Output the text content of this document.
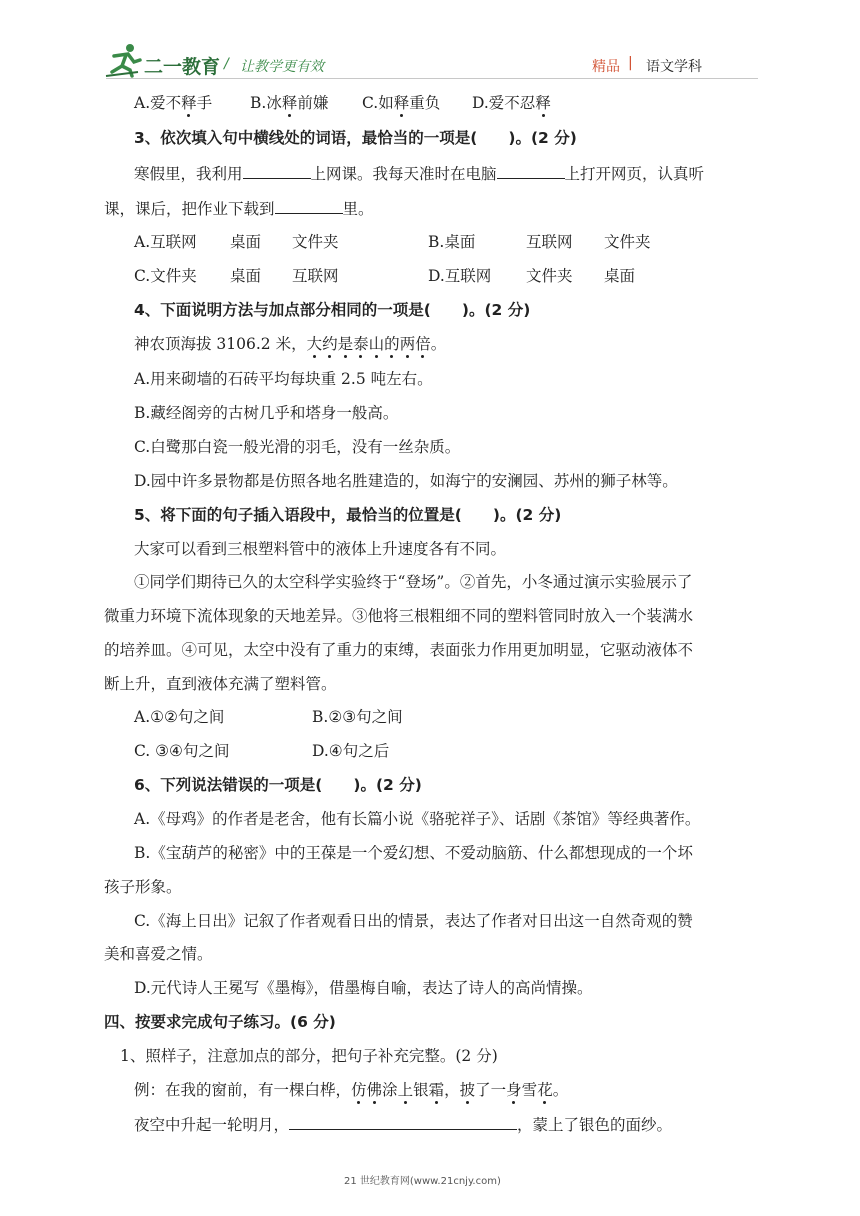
二一教育 / 让教学更有效	精品 | 语文学科
A.爱不释手 B.冰释前嫌 C.如释重负 D.爱不忍释
3、依次填入句中横线处的词语，最恰当的一项是(　　)。(2 分)
寒假里，我利用	上网课。我每天准时在电脑	上打开网页，认真听
课，课后，把作业下载到	里。
A.互联网 桌面 文件夹	B.桌面	互联网 文件夹
C.文件夹 桌面 互联网	D.互联网 文件夹 桌面
4、下面说明方法与加点部分相同的一项是(　　)。(2 分)
神农顶海拔 3106.2 米，大约是泰山的两倍。
A.用来砌墙的石砖平均每块重 2.5 吨左右。
B.藏经阁旁的古树几乎和塔身一般高。
C.白鹭那白瓷一般光滑的羽毛，没有一丝杂质。
D.园中许多景物都是仿照各地名胜建造的，如海宁的安澜园、苏州的狮子林等。
5、将下面的句子插入语段中，最恰当的位置是(　　)。(2 分)
大家可以看到三根塑料管中的液体上升速度各有不同。
①同学们期待已久的太空科学实验终于“登场”。②首先，小冬通过演示实验展示了
微重力环境下流体现象的天地差异。③他将三根粗细不同的塑料管同时放入一个装满水
的培养皿。④可见，太空中没有了重力的束缚，表面张力作用更加明显，它驱动液体不
断上升，直到液体充满了塑料管。
A.①②句之间	B.②③句之间
C. ③④句之间	D.④句之后
6、下列说法错误的一项是(　　)。(2 分)
A.《母鸡》的作者是老舍，他有长篇小说《骆驼祥子》、话剧《茶馆》等经典著作。
B.《宝葫芦的秘密》中的王葆是一个爱幻想、不爱动脑筋、什么都想现成的一个坏
孩子形象。
C.《海上日出》记叙了作者观看日出的情景，表达了作者对日出这一自然奇观的赞
美和喜爱之情。
D.元代诗人王冕写《墨梅》，借墨梅自喻，表达了诗人的高尚情操。
四、按要求完成句子练习。(6 分)
1、照样子，注意加点的部分，把句子补充完整。(2 分)
例：在我的窗前，有一棵白桦，仿佛涂上银霜，披了一身雪花。
夜空中升起一轮明月，	，蒙上了银色的面纱。
21 世纪教育网(www.21cnjy.com)
